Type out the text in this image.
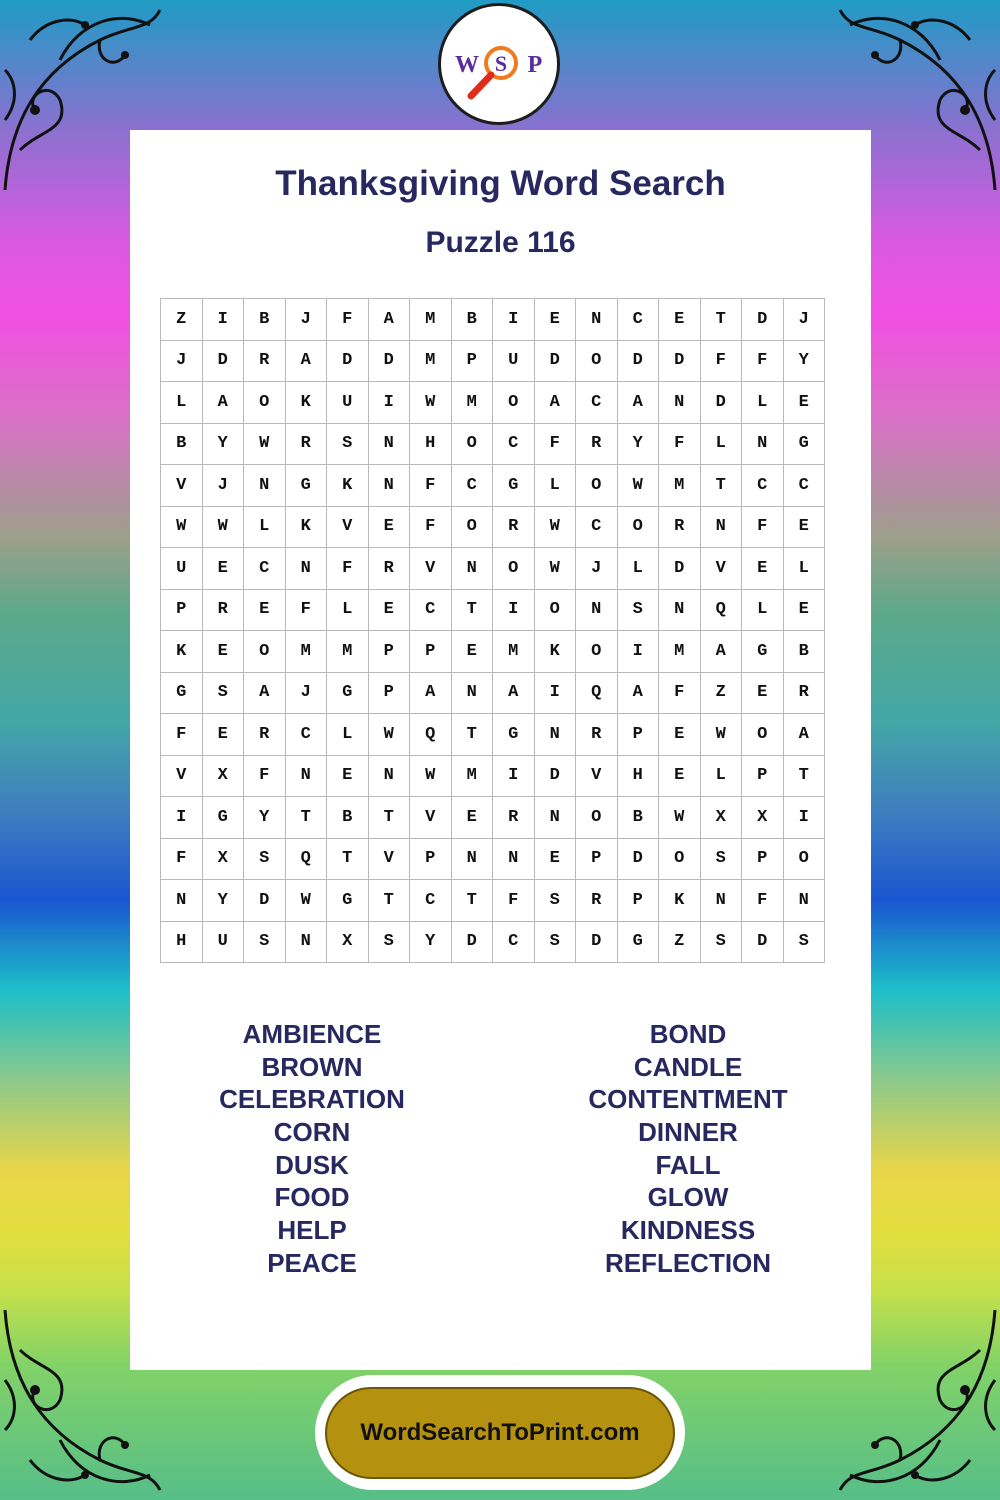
W S P
Thanksgiving Word Search
Puzzle 116
Z	I	B	J	F	A	M	B	I	E	N	C	E	T	D	J
J	D	R	A	D	D	M	P	U	D	O	D	D	F	F	Y
L	A	O	K	U	I	W	M	O	A	C	A	N	D	L	E
B	Y	W	R	S	N	H	O	C	F	R	Y	F	L	N	G
V	J	N	G	K	N	F	C	G	L	O	W	M	T	C	C
W	W	L	K	V	E	F	O	R	W	C	O	R	N	F	E
U	E	C	N	F	R	V	N	O	W	J	L	D	V	E	L
P	R	E	F	L	E	C	T	I	O	N	S	N	Q	L	E
K	E	O	M	M	P	P	E	M	K	O	I	M	A	G	B
G	S	A	J	G	P	A	N	A	I	Q	A	F	Z	E	R
F	E	R	C	L	W	Q	T	G	N	R	P	E	W	O	A
V	X	F	N	E	N	W	M	I	D	V	H	E	L	P	T
I	G	Y	T	B	T	V	E	R	N	O	B	W	X	X	I
F	X	S	Q	T	V	P	N	N	E	P	D	O	S	P	O
N	Y	D	W	G	T	C	T	F	S	R	P	K	N	F	N
H	U	S	N	X	S	Y	D	C	S	D	G	Z	S	D	S
AMBIENCE
BROWN
CELEBRATION
CORN
DUSK
FOOD
HELP
PEACE
BOND
CANDLE
CONTENTMENT
DINNER
FALL
GLOW
KINDNESS
REFLECTION
WordSearchToPrint.com
